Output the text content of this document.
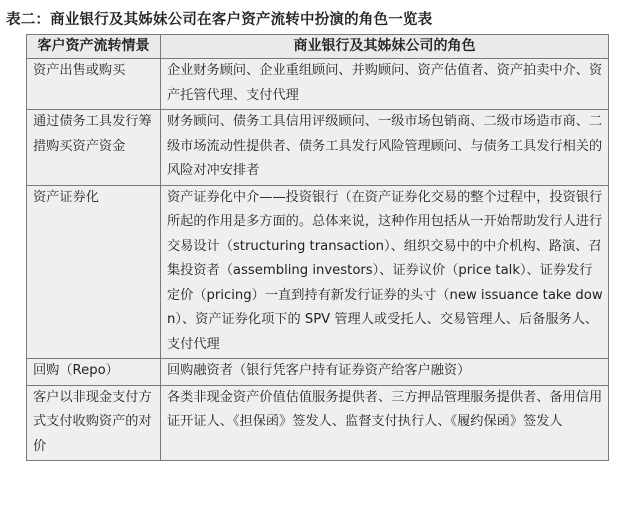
表二：商业银行及其姊妹公司在客户资产流转中扮演的角色一览表
客户资产流转情景	商业银行及其姊妹公司的角色
资产出售或购买	企业财务顾问、企业重组顾问、并购顾问、资产估值者、资产拍卖中介、资产托管代理、支付代理
通过债务工具发行筹措购买资产资金	财务顾问、债务工具信用评级顾问、一级市场包销商、二级市场造市商、二级市场流动性提供者、债务工具发行风险管理顾问、与债务工具发行相关的风险对冲安排者
资产证券化	资产证券化中介——投资银行（在资产证券化交易的整个过程中，投资银行所起的作用是多方面的。总体来说，这种作用包括从一开始帮助发行人进行交易设计（structuring transaction）、组织交易中的中介机构、路演、召集投资者（assembling investors）、证券议价（price talk）、证券发行定价（pricing）一直到持有新发行证券的头寸（new issuance take down）、资产证券化项下的 SPV 管理人或受托人、交易管理人、后备服务人、支付代理
回购（Repo）	回购融资者（银行凭客户持有证券资产给客户融资）
客户以非现金支付方式支付收购资产的对价	各类非现金资产价值估值服务提供者、三方押品管理服务提供者、备用信用证开证人、《担保函》签发人、监督支付执行人、《履约保函》签发人
